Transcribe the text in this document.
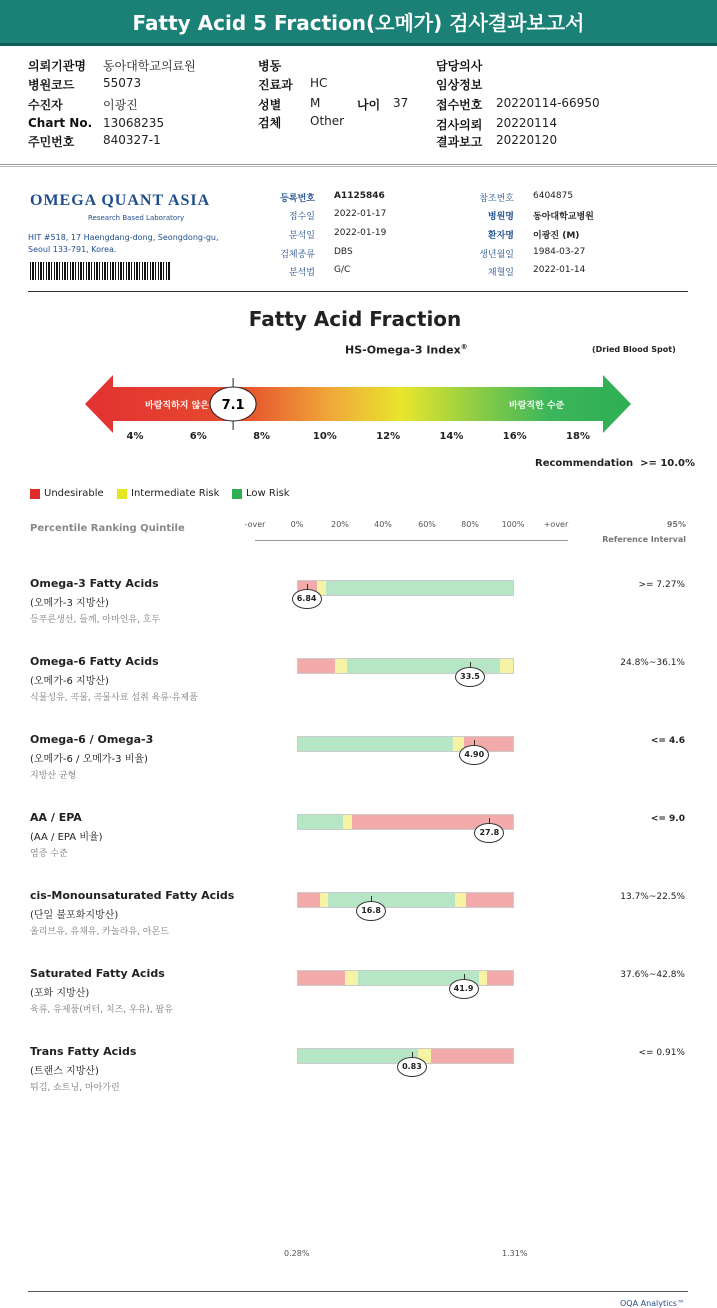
Fatty Acid 5 Fraction(오메가) 검사결과보고서
의뢰기관명 동아대학교의료원
병원코드 55073
수진자	이광진
Chart No. 13068235
주민번호 840327-1
병동
진료과 HC
성별 M	나이 37
검체 Other
담당의사
임상정보
접수번호 20220114-66950
검사의뢰 20220114
결과보고 20220120
OMEGA QUANT ASIA
Research Based Laboratory
HIT #518, 17 Haengdang-dong, Seongdong-gu, Seoul 133-791, Korea.
등록번호 A1125846
접수일 2022-01-17
분석일 2022-01-19
검체종류 DBS
분석법 G/C
참조번호 6404875
병원명 동아대학교병원
환자명 이광진 (M)
생년월일 1984-03-27
채혈일 2022-01-14
Fatty Acid Fraction
HS-Omega-3 Index®	(Dried Blood Spot)
바람직하지 않은	바람직한 수준
7.1
4%	6%	8%	10%	12%	14%	16%	18%
Recommendation >= 10.0%
Undesirable	Intermediate Risk	Low Risk
Percentile Ranking Quintile	-over	0%	20%	40%	60%	80%	100%	+over	95%
Reference Interval
Omega-3 Fatty Acids
(오메가-3 지방산)
등푸른생선, 들깨, 아마인유, 호두
6.84
>= 7.27%
Omega-6 Fatty Acids
(오메가-6 지방산)
식물성유, 곡물, 곡물사료 섭취 육류·유제품
33.5
24.8%~36.1%
Omega-6 / Omega-3
(오메가-6 / 오메가-3 비율)
지방산 균형
4.90
<= 4.6
AA / EPA
(AA / EPA 비율)
염증 수준
27.8
<= 9.0
cis-Monounsaturated Fatty Acids
(단일 불포화지방산)
올리브유, 유채유, 카놀라유, 아몬드
16.8
13.7%~22.5%
Saturated Fatty Acids
(포화 지방산)
육류, 유제품(버터, 치즈, 우유), 팜유
41.9
37.6%~42.8%
Trans Fatty Acids
(트랜스 지방산)
튀김, 쇼트닝, 마아가린
0.83
<= 0.91%
0.28%	1.31%
OQA Analytics™
